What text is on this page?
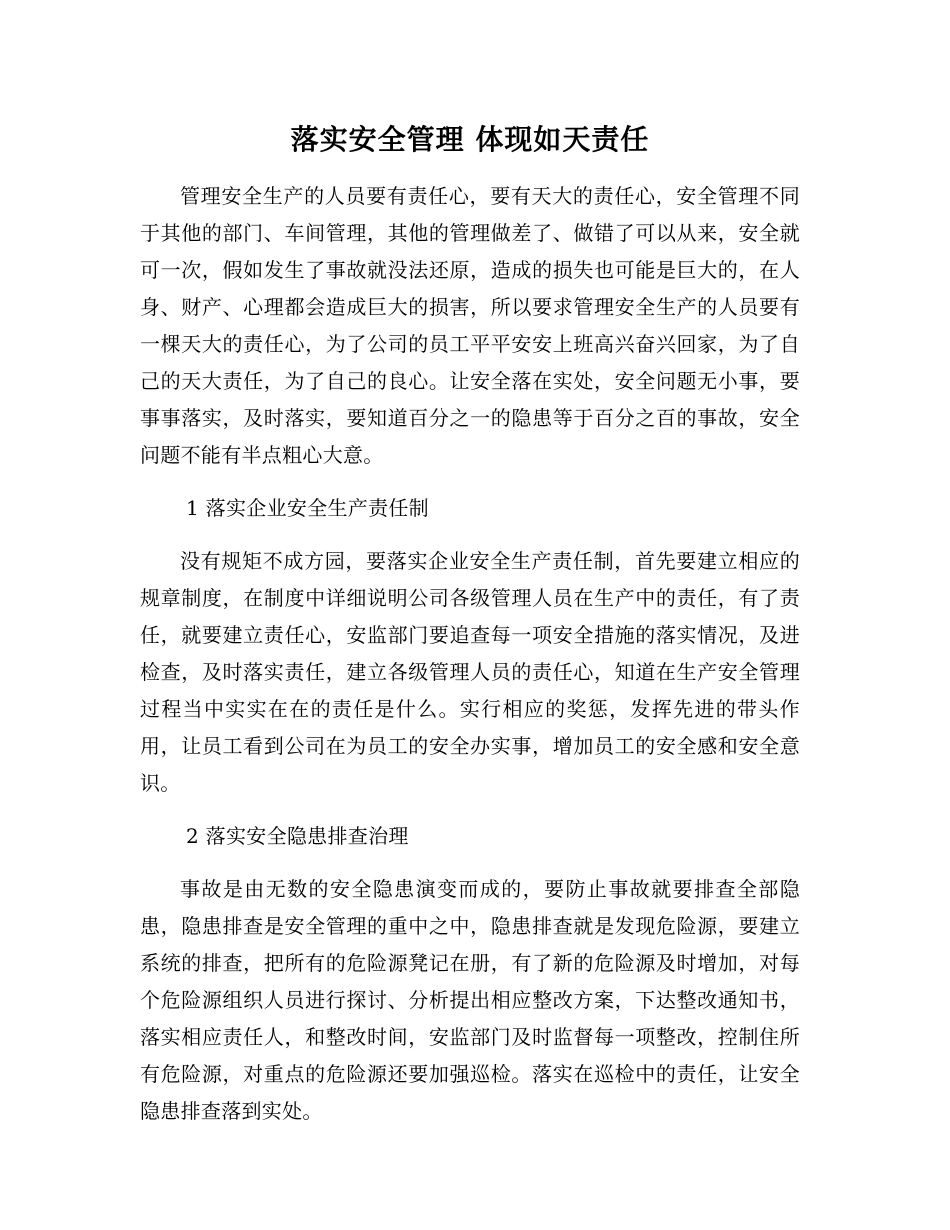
落实安全管理 体现如天责任

管理安全生产的人员要有责任心，要有天大的责任心，安全管理不同于其他的部门、车间管理，其他的管理做差了、做错了可以从来，安全就可一次，假如发生了事故就没法还原，造成的损失也可能是巨大的，在人身、财产、心理都会造成巨大的损害，所以要求管理安全生产的人员要有一棵天大的责任心，为了公司的员工平平安安上班高兴奋兴回家，为了自己的天大责任，为了自己的良心。让安全落在实处，安全问题无小事，要事事落实，及时落实，要知道百分之一的隐患等于百分之百的事故，安全问题不能有半点粗心大意。

1 落实企业安全生产责任制

没有规矩不成方园，要落实企业安全生产责任制，首先要建立相应的规章制度，在制度中详细说明公司各级管理人员在生产中的责任，有了责任，就要建立责任心，安监部门要追查每一项安全措施的落实情况，及进检查，及时落实责任，建立各级管理人员的责任心，知道在生产安全管理过程当中实实在在的责任是什么。实行相应的奖惩，发挥先进的带头作用，让员工看到公司在为员工的安全办实事，增加员工的安全感和安全意识。

2 落实安全隐患排查治理

事故是由无数的安全隐患演变而成的，要防止事故就要排查全部隐患，隐患排查是安全管理的重中之中，隐患排查就是发现危险源，要建立系统的排查，把所有的危险源凳记在册，有了新的危险源及时增加，对每个危险源组织人员进行探讨、分析提出相应整改方案，下达整改通知书，落实相应责任人，和整改时间，安监部门及时监督每一项整改，控制住所有危险源，对重点的危险源还要加强巡检。落实在巡检中的责任，让安全隐患排查落到实处。
